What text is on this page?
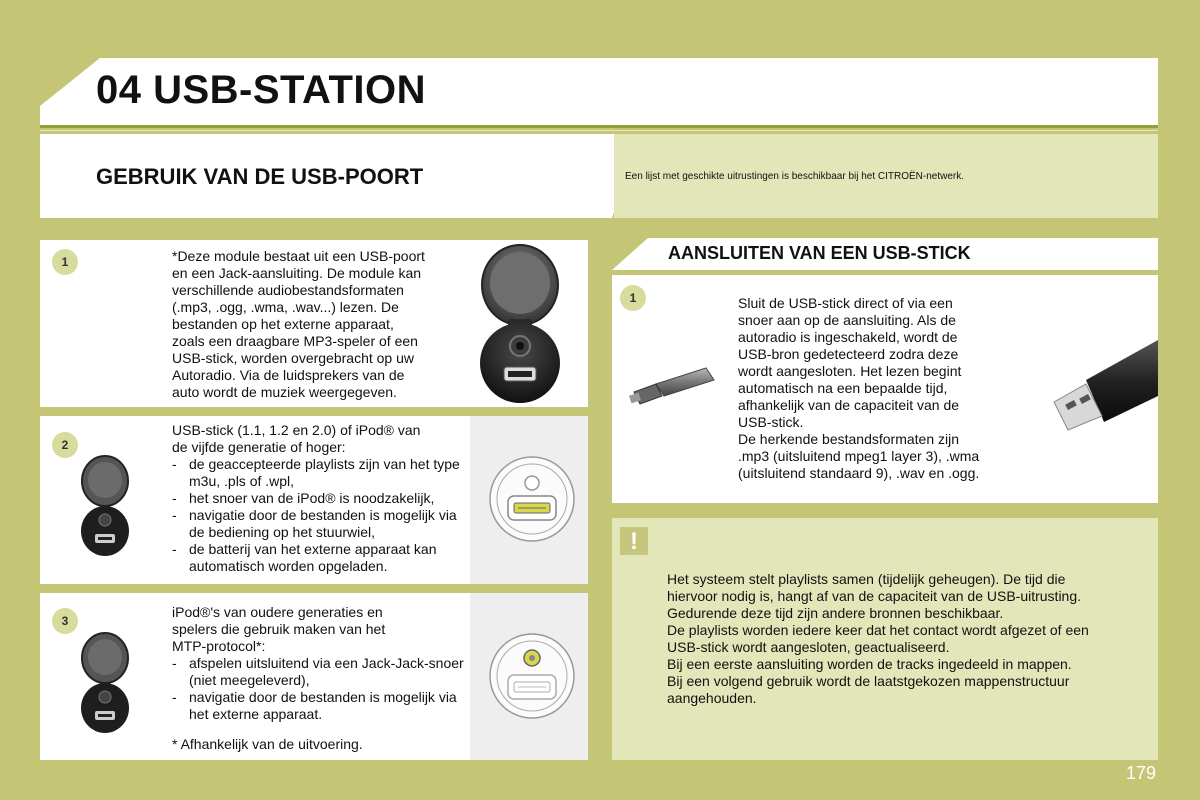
04 USB-STATION
GEBRUIK VAN DE USB-POORT	Een lijst met geschikte uitrustingen is beschikbaar bij het CITROËN-netwerk.
1	*Deze module bestaat uit een USB-poort
en een Jack-aansluiting. De module kan
verschillende audiobestandsformaten
(.mp3, .ogg, .wma, .wav...) lezen. De
bestanden op het externe apparaat,
zoals een draagbare MP3-speler of een
USB-stick, worden overgebracht op uw
Autoradio. Via de luidsprekers van de
auto wordt de muziek weergegeven.
2
USB-stick (1.1, 1.2 en 2.0) of iPod® van
de vijfde generatie of hoger:
- de geaccepteerde playlists zijn van het type m3u, .pls of .wpl,
- het snoer van de iPod® is noodzakelijk,
- navigatie door de bestanden is mogelijk via de bediening op het stuurwiel,
- de batterij van het externe apparaat kan automatisch worden opgeladen.
3
iPod®'s van oudere generaties en
spelers die gebruik maken van het
MTP-protocol*:
- afspelen uitsluitend via een Jack-Jack-snoer (niet meegeleverd),
- navigatie door de bestanden is mogelijk via het externe apparaat.
* Afhankelijk van de uitvoering.
AANSLUITEN VAN EEN USB-STICK
1	Sluit de USB-stick direct of via een
snoer aan op de aansluiting. Als de
autoradio is ingeschakeld, wordt de
USB-bron gedetecteerd zodra deze
wordt aangesloten. Het lezen begint
automatisch na een bepaalde tijd,
afhankelijk van de capaciteit van de
USB-stick.
De herkende bestandsformaten zijn
.mp3 (uitsluitend mpeg1 layer 3), .wma
(uitsluitend standaard 9), .wav en .ogg.
!
Het systeem stelt playlists samen (tijdelijk geheugen). De tijd die
hiervoor nodig is, hangt af van de capaciteit van de USB-uitrusting.
Gedurende deze tijd zijn andere bronnen beschikbaar.
De playlists worden iedere keer dat het contact wordt afgezet of een
USB-stick wordt aangesloten, geactualiseerd.
Bij een eerste aansluiting worden de tracks ingedeeld in mappen.
Bij een volgend gebruik wordt de laatstgekozen mappenstructuur
aangehouden.
179
